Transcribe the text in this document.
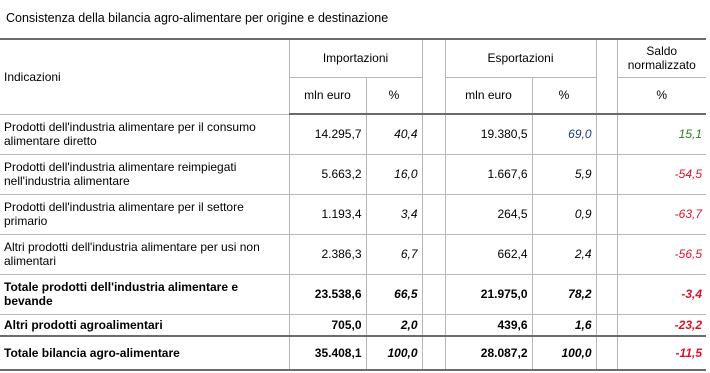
Consistenza della bilancia agro-alimentare per origine e destinazione
Indicazioni	Importazioni			Esportazioni			Saldo normalizzato
	mln euro	%		mln euro	%		%
Prodotti dell'industria alimentare per il consumo alimentare diretto	14.295,7	40,4		19.380,5	69,0		15,1
Prodotti dell'industria alimentare reimpiegati nell'industria alimentare	5.663,2	16,0		1.667,6	5,9		-54,5
Prodotti dell'industria alimentare per il settore primario	1.193,4	3,4		264,5	0,9		-63,7
Altri prodotti dell'industria alimentare per usi non alimentari	2.386,3	6,7		662,4	2,4		-56,5
Totale prodotti dell'industria alimentare e bevande	23.538,6	66,5		21.975,0	78,2		-3,4
Altri prodotti agroalimentari	705,0	2,0		439,6	1,6		-23,2
Totale bilancia agro-alimentare	35.408,1	100,0		28.087,2	100,0		-11,5
